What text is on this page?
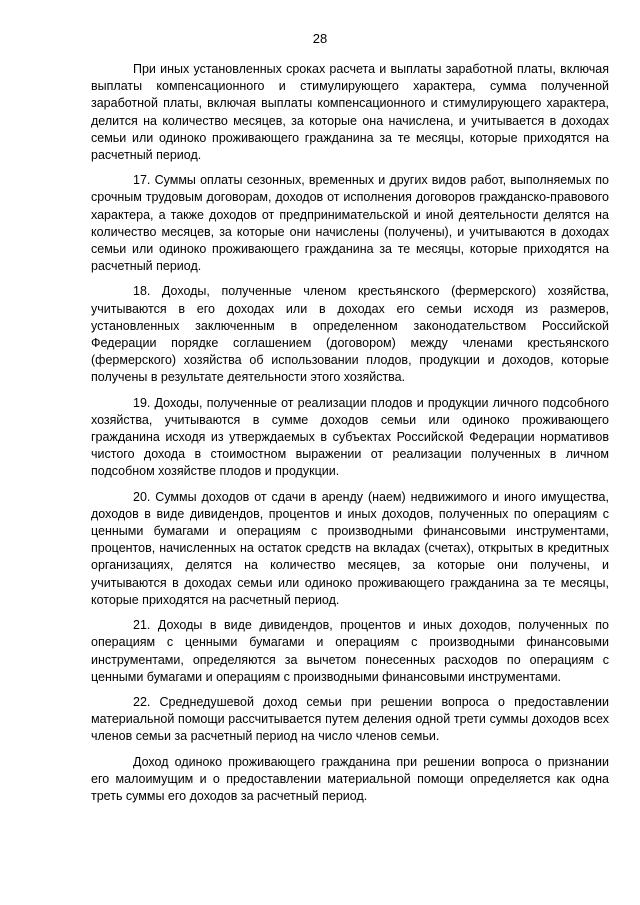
28

При иных установленных сроках расчета и выплаты заработной платы, включая выплаты компенсационного и стимулирующего характера, сумма полученной заработной платы, включая выплаты компенсационного и стимулирующего характера, делится на количество месяцев, за которые она начислена, и учитывается в доходах семьи или одиноко проживающего гражданина за те месяцы, которые приходятся на расчетный период.

17. Суммы оплаты сезонных, временных и других видов работ, выполняемых по срочным трудовым договорам, доходов от исполнения договоров гражданско-правового характера, а также доходов от предпринимательской и иной деятельности делятся на количество месяцев, за которые они начислены (получены), и учитываются в доходах семьи или одиноко проживающего гражданина за те месяцы, которые приходятся на расчетный период.

18. Доходы, полученные членом крестьянского (фермерского) хозяйства, учитываются в его доходах или в доходах его семьи исходя из размеров, установленных заключенным в определенном законодательством Российской Федерации порядке соглашением (договором) между членами крестьянского (фермерского) хозяйства об использовании плодов, продукции и доходов, которые получены в результате деятельности этого хозяйства.

19. Доходы, полученные от реализации плодов и продукции личного подсобного хозяйства, учитываются в сумме доходов семьи или одиноко проживающего гражданина исходя из утверждаемых в субъектах Российской Федерации нормативов чистого дохода в стоимостном выражении от реализации полученных в личном подсобном хозяйстве плодов и продукции.

20. Суммы доходов от сдачи в аренду (наем) недвижимого и иного имущества, доходов в виде дивидендов, процентов и иных доходов, полученных по операциям с ценными бумагами и операциям с производными финансовыми инструментами, процентов, начисленных на остаток средств на вкладах (счетах), открытых в кредитных организациях, делятся на количество месяцев, за которые они получены, и учитываются в доходах семьи или одиноко проживающего гражданина за те месяцы, которые приходятся на расчетный период.

21. Доходы в виде дивидендов, процентов и иных доходов, полученных по операциям с ценными бумагами и операциям с производными финансовыми инструментами, определяются за вычетом понесенных расходов по операциям с ценными бумагами и операциям с производными финансовыми инструментами.

22. Среднедушевой доход семьи при решении вопроса о предоставлении материальной помощи рассчитывается путем деления одной трети суммы доходов всех членов семьи за расчетный период на число членов семьи.

Доход одиноко проживающего гражданина при решении вопроса о признании его малоимущим и о предоставлении материальной помощи определяется как одна треть суммы его доходов за расчетный период.
